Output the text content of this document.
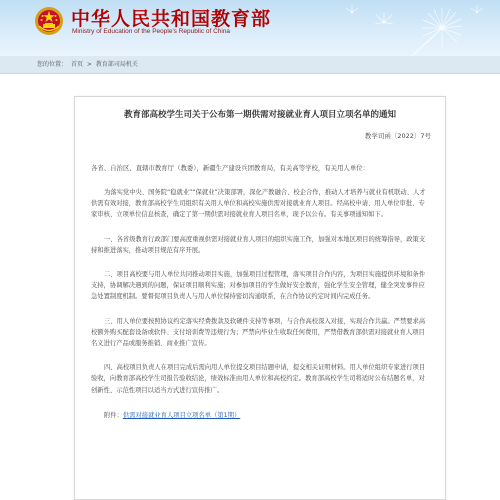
中华人民共和国教育部
Ministry of Education of the People's Republic of China
您的位置： 首页 > 教育部司局机关
教育部高校学生司关于公布第一期供需对接就业育人项目立项名单的通知
教学司函〔2022〕7号
各省、自治区、直辖市教育厅（教委），新疆生产建设兵团教育局，有关高等学校，有关用人单位：

为落实党中央、国务院“稳就业”“保就业”决策部署，深化产教融合、校企合作，推动人才培养与就业有机联动、人才供需有效对接，教育部高校学生司组织有关用人单位和高校实施供需对接就业育人项目。经高校申请、用人单位审批、专家审核、立项单位信息核查，确定了第一期供需对接就业育人项目名单，现予以公布。有关事项通知如下。

一、各省级教育行政部门要高度重视供需对接就业育人项目的组织实施工作，加强对本地区项目的统筹指导，政策支持和推进落实，推动项目规范有序开展。

二、项目高校要与用人单位共同推动项目实施，加强项目过程管理，落实项目合作内容，为项目实施提供环境和条件支持，协调解决遇到的问题，保证项目顺利实施；对参加项目的学生做好安全教育，强化学生安全管理，健全突发事件应急处置制度机制。要督促项目负责人与用人单位保持密切沟通联系，在合作协议约定时间内完成任务。

三、用人单位要按照协议约定落实经费拨款及软硬件支持等事项，与合作高校深入对接，实现合作共赢。严禁要求高校额外购买配套设备或软件、支付培训费等违规行为；严禁向毕业生收取任何费用，严禁借教育部供需对接就业育人项目名义进行产品或服务推销、商业推广宣传。

四、高校项目负责人在项目完成后需向用人单位提交项目结题申请，提交相关证明材料。用人单位组织专家进行项目验收，向教育部高校学生司报告验收结论，绩效标准由用人单位和高校约定。教育部高校学生司将适时公布结题名单，对创新性、示范性项目以适当方式进行宣传推广。

附件：供需对接就业育人项目立项名单（第1期）
